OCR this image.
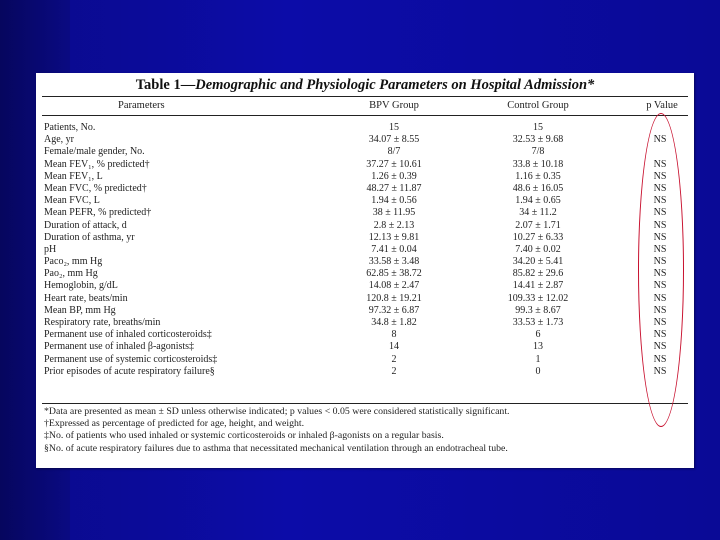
Table 1—Demographic and Physiologic Parameters on Hospital Admission*
Parameters	BPV Group	Control Group	p Value
Patients, No.	15	15
Age, yr	34.07 ± 8.55	32.53 ± 9.68	NS
Female/male gender, No.	8/7	7/8
Mean FEV₁, % predicted†	37.27 ± 10.61	33.8 ± 10.18	NS
Mean FEV₁, L	1.26 ± 0.39	1.16 ± 0.35	NS
Mean FVC, % predicted†	48.27 ± 11.87	48.6 ± 16.05	NS
Mean FVC, L	1.94 ± 0.56	1.94 ± 0.65	NS
Mean PEFR, % predicted†	38 ± 11.95	34 ± 11.2	NS
Duration of attack, d	2.8 ± 2.13	2.07 ± 1.71	NS
Duration of asthma, yr	12.13 ± 9.81	10.27 ± 6.33	NS
pH	7.41 ± 0.04	7.40 ± 0.02	NS
Paco₂, mm Hg	33.58 ± 3.48	34.20 ± 5.41	NS
Pao₂, mm Hg	62.85 ± 38.72	85.82 ± 29.6	NS
Hemoglobin, g/dL	14.08 ± 2.47	14.41 ± 2.87	NS
Heart rate, beats/min	120.8 ± 19.21	109.33 ± 12.02	NS
Mean BP, mm Hg	97.32 ± 6.87	99.3 ± 8.67	NS
Respiratory rate, breaths/min	34.8 ± 1.82	33.53 ± 1.73	NS
Permanent use of inhaled corticosteroids‡	8	6	NS
Permanent use of inhaled β-agonists‡	14	13	NS
Permanent use of systemic corticosteroids‡	2	1	NS
Prior episodes of acute respiratory failure§	2	0	NS
*Data are presented as mean ± SD unless otherwise indicated; p values < 0.05 were considered statistically significant.
†Expressed as percentage of predicted for age, height, and weight.
‡No. of patients who used inhaled or systemic corticosteroids or inhaled β-agonists on a regular basis.
§No. of acute respiratory failures due to asthma that necessitated mechanical ventilation through an endotracheal tube.
